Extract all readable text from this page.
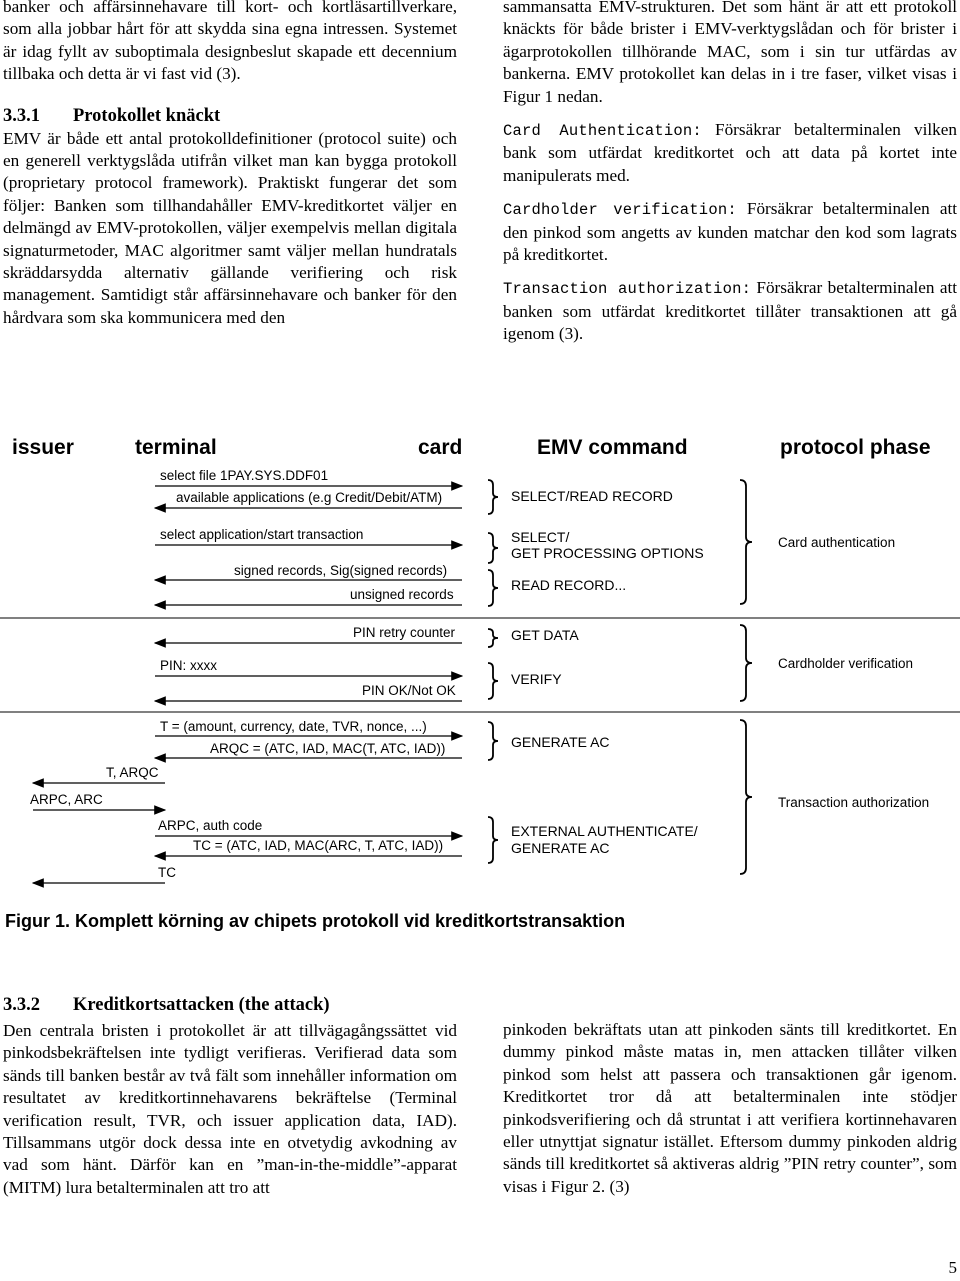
banker och affärsinnehavare till kort- och kortläsartillverkare, som alla jobbar hårt för att skydda sina egna intressen. Systemet är idag fyllt av suboptimala designbeslut skapade ett decennium tillbaka och detta är vi fast vid (3).

3.3.1 Protokollet knäckt

EMV är både ett antal protokolldefinitioner (protocol suite) och en generell verktygslåda utifrån vilket man kan bygga protokoll (proprietary protocol framework). Praktiskt fungerar det som följer: Banken som tillhandahåller EMV-kreditkortet väljer en delmängd av EMV-protokollen, väljer exempelvis mellan digitala signaturmetoder, MAC algoritmer samt väljer mellan hundratals skräddarsydda alternativ gällande verifiering och risk management. Samtidigt står affärsinnehavare och banker för den hårdvara som ska kommunicera med den

sammansatta EMV-strukturen. Det som hänt är att ett protokoll knäckts för både brister i EMV-verktygslådan och för brister i ägarprotokollen tillhörande MAC, som i sin tur utfärdas av bankerna. EMV protokollet kan delas in i tre faser, vilket visas i Figur 1 nedan.

Card Authentication: Försäkrar betalterminalen vilken bank som utfärdat kreditkortet och att data på kortet inte manipulerats med.

Cardholder verification: Försäkrar betalterminalen att den pinkod som angetts av kunden matchar den kod som lagrats på kreditkortet.

Transaction authorization: Försäkrar betalterminalen att banken som utfärdat kreditkortet tillåter transaktionen att gå igenom (3).

issuer	terminal	card	EMV command	protocol phase
select file 1PAY.SYS.DDF01
available applications (e.g Credit/Debit/ATM)
select application/start transaction
signed records, Sig(signed records)
unsigned records
PIN retry counter
PIN: xxxx
PIN OK/Not OK
T = (amount, currency, date, TVR, nonce, ...)
ARQC = (ATC, IAD, MAC(T, ATC, IAD))
T, ARQC
ARPC, ARC
ARPC, auth code
TC = (ATC, IAD, MAC(ARC, T, ATC, IAD))
TC
SELECT/READ RECORD
SELECT/
GET PROCESSING OPTIONS
READ RECORD...
GET DATA
VERIFY
GENERATE AC
EXTERNAL AUTHENTICATE/
GENERATE AC
Card authentication
Cardholder verification
Transaction authorization
Figur 1. Komplett körning av chipets protokoll vid kreditkortstransaktion
3.3.2 Kreditkortsattacken (the attack)

Den centrala bristen i protokollet är att tillvägagångssättet vid pinkodsbekräftelsen inte tydligt verifieras. Verifierad data som sänds till banken består av två fält som innehåller information om resultatet av kreditkortinnehavarens bekräftelse (Terminal verification result, TVR, och issuer application data, IAD). Tillsammans utgör dock dessa inte en otvetydig avkodning av vad som hänt. Därför kan en ”man-in-the-middle”-apparat (MITM) lura betalterminalen att tro att

pinkoden bekräftats utan att pinkoden sänts till kreditkortet. En dummy pinkod måste matas in, men attacken tillåter vilken pinkod som helst att passera och transaktionen går igenom. Kreditkortet tror då att betalterminalen inte stödjer pinkodsverifiering och då struntat i att verifiera kortinnehavaren eller utnyttjat signatur istället. Eftersom dummy pinkoden aldrig sänds till kreditkortet så aktiveras aldrig ”PIN retry counter”, som visas i Figur 2. (3)

5
